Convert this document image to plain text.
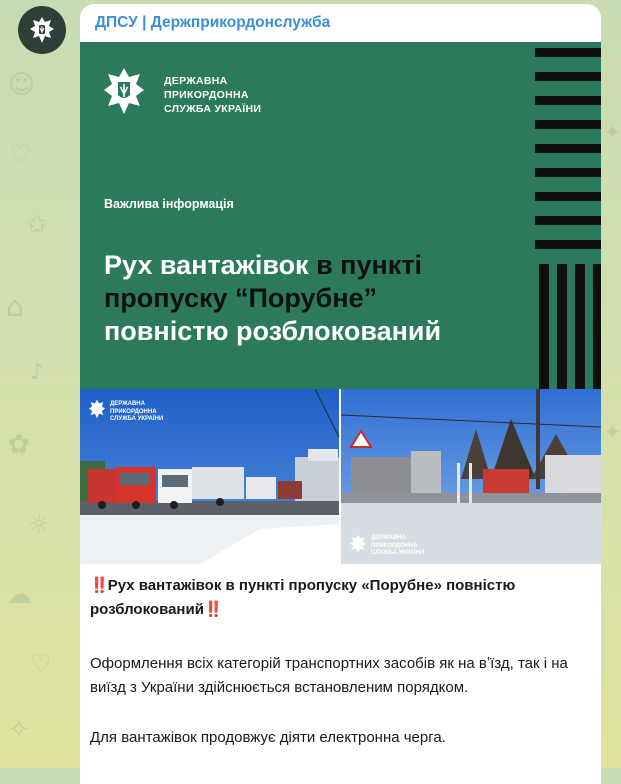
☺
♡
✩
⌂
♪
✿
☼
☁
♡
✧
✦
✦
ДПСУ | Держприкордонслужба
ДЕРЖАВНА
ПРИКОРДОННА
СЛУЖБА УКРАЇНИ
Важлива інформація
Рух вантажівок в пункті
пропуску “Порубне”
повністю розблокований
ДЕРЖАВНА
ПРИКОРДОННА
СЛУЖБА УКРАЇНИ
ДЕРЖАВНА
ПРИКОРДОННА
СЛУЖБА УКРАЇНИ
‼️Рух вантажівок в пункті пропуску «Порубне» повністю розблокований‼️
Оформлення всіх категорій транспортних засобів як на вʼїзд, так і на виїзд з України здійснюється встановленим порядком.
Для вантажівок продовжує діяти електронна черга.
